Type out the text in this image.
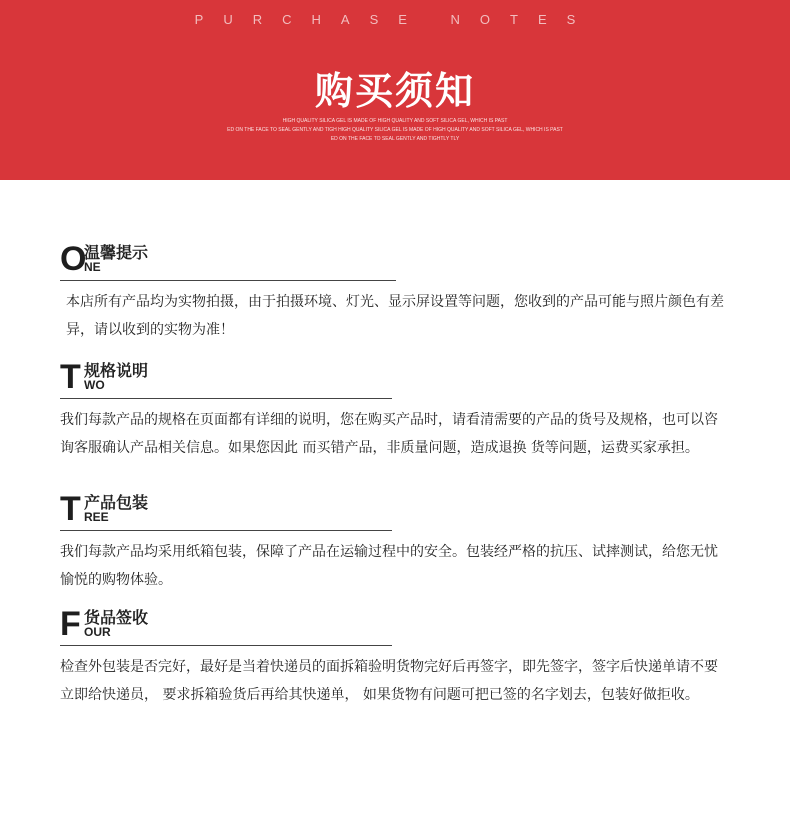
PURCHASE NOTES
购买须知
HIGH QUALITY SILICA GEL IS MADE OF HIGH QUALITY AND SOFT SILICA GEL, WHICH IS PAST
ED ON THE FACE TO SEAL GENTLY AND TIGH HIGH QUALITY SILICA GEL IS MADE OF HIGH QUALITY AND SOFT SILICA GEL, WHICH IS PAST
ED ON THE FACE TO SEAL GENTLY AND TIGHTLY TLY
O
温馨提示
NE
本店所有产品均为实物拍摄，由于拍摄环境、灯光、显示屏设置等问题，您收到的产品可能与照片颜色有差异，请以收到的实物为准！
T 规格说明
WO
我们每款产品的规格在页面都有详细的说明，您在购买产品时，请看清需要的产品的货号及规格，也可以咨询客服确认产品相关信息。如果您因此 而买错产品，非质量问题，造成退换 货等问题，运费买家承担。
T 产品包装
REE
我们每款产品均采用纸箱包装，保障了产品在运输过程中的安全。包装经严格的抗压、试摔测试，给您无忧愉悦的购物体验。
F 货品签收
OUR
检查外包装是否完好，最好是当着快递员的面拆箱验明货物完好后再签字，即先签字，签字后快递单请不要立即给快递员， 要求拆箱验货后再给其快递单， 如果货物有问题可把已签的名字划去，包装好做拒收。
